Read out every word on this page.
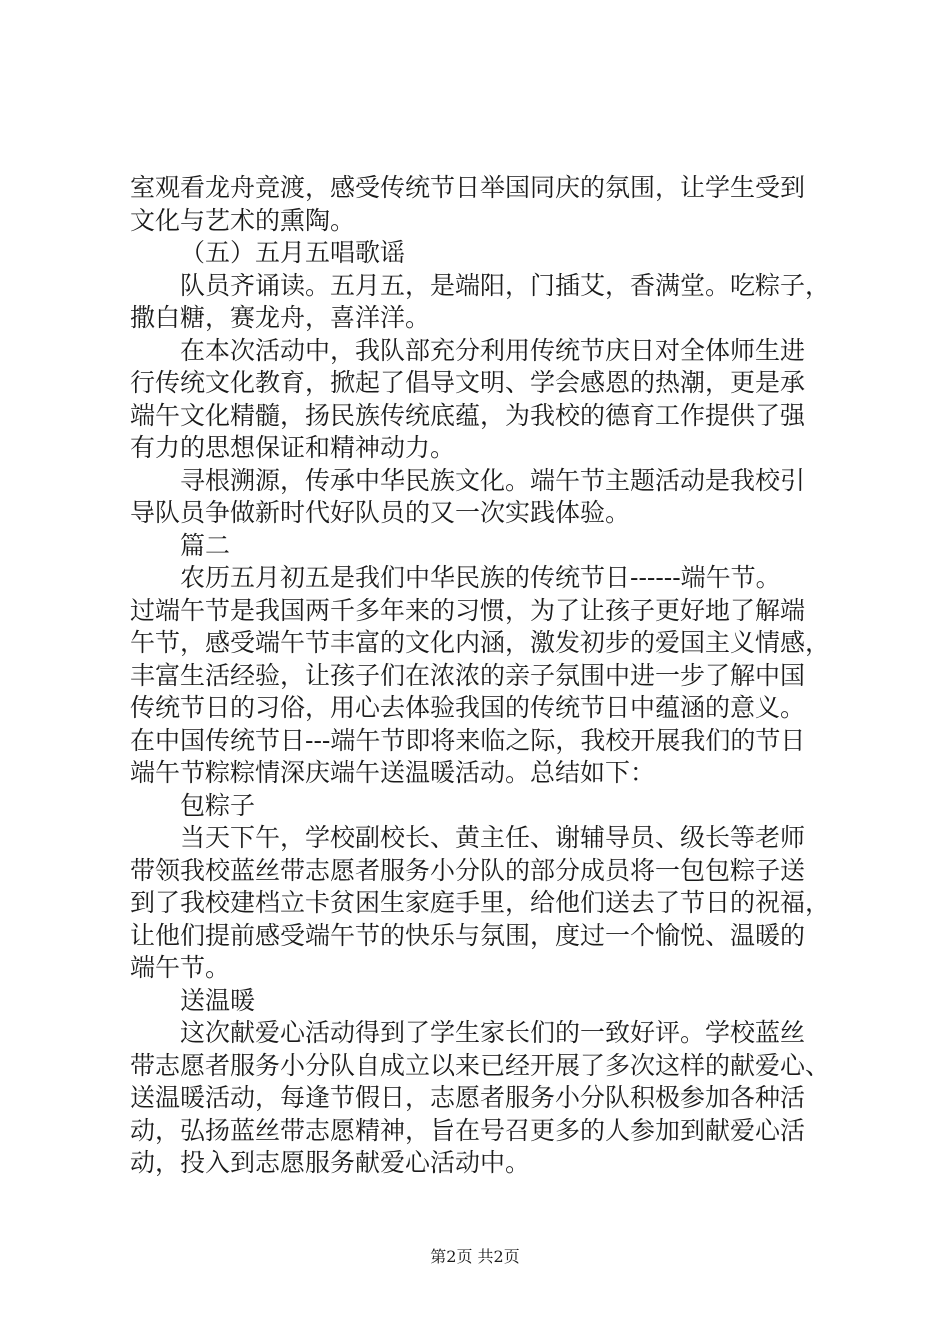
室观看龙舟竞渡，感受传统节日举国同庆的氛围，让学生受到
文化与艺术的熏陶。
（五）五月五唱歌谣
队员齐诵读。五月五，是端阳，门插艾，香满堂。吃粽子，
撒白糖，赛龙舟，喜洋洋。
在本次活动中，我队部充分利用传统节庆日对全体师生进
行传统文化教育，掀起了倡导文明、学会感恩的热潮，更是承
端午文化精髓，扬民族传统底蕴，为我校的德育工作提供了强
有力的思想保证和精神动力。
寻根溯源，传承中华民族文化。端午节主题活动是我校引
导队员争做新时代好队员的又一次实践体验。
篇二
农历五月初五是我们中华民族的传统节日------端午节。
过端午节是我国两千多年来的习惯，为了让孩子更好地了解端
午节，感受端午节丰富的文化内涵，激发初步的爱国主义情感，
丰富生活经验，让孩子们在浓浓的亲子氛围中进一步了解中国
传统节日的习俗，用心去体验我国的传统节日中蕴涵的意义。
在中国传统节日---端午节即将来临之际，我校开展我们的节日
端午节粽粽情深庆端午送温暖活动。总结如下：
包粽子
当天下午，学校副校长、黄主任、谢辅导员、级长等老师
带领我校蓝丝带志愿者服务小分队的部分成员将一包包粽子送
到了我校建档立卡贫困生家庭手里，给他们送去了节日的祝福，
让他们提前感受端午节的快乐与氛围，度过一个愉悦、温暖的
端午节。
送温暖
这次献爱心活动得到了学生家长们的一致好评。学校蓝丝
带志愿者服务小分队自成立以来已经开展了多次这样的献爱心、
送温暖活动，每逢节假日，志愿者服务小分队积极参加各种活
动，弘扬蓝丝带志愿精神，旨在号召更多的人参加到献爱心活
动，投入到志愿服务献爱心活动中。
第2页 共2页
